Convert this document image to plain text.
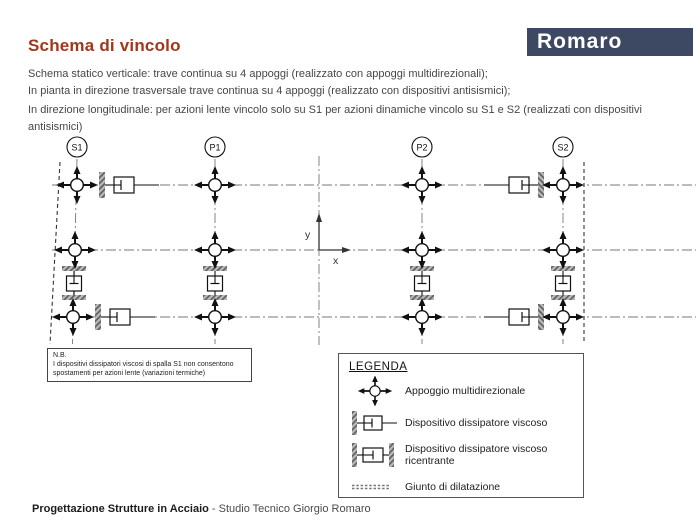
Schema di vincolo	Romaro
Schema statico verticale: trave continua su 4 appoggi (realizzato con appoggi multidirezionali);
In pianta in direzione trasversale trave continua su 4 appoggi (realizzato con dispositivi antisismici);
In direzione longitudinale: per azioni lente vincolo solo su S1 per azioni dinamiche vincolo su S1 e S2 (realizzati con dispositivi antisismici)
y
x
S1	P1	P2	S2
N.B.
I dispositivi dissipatori viscosi di spalla S1 non consentono spostamenti per azioni lente (variazioni termiche)
LEGENDA
Appoggio multidirezionale
Dispositivo dissipatore viscoso
Dispositivo dissipatore viscoso ricentrante
Giunto di dilatazione
Progettazione Strutture in Acciaio - Studio Tecnico Giorgio Romaro
